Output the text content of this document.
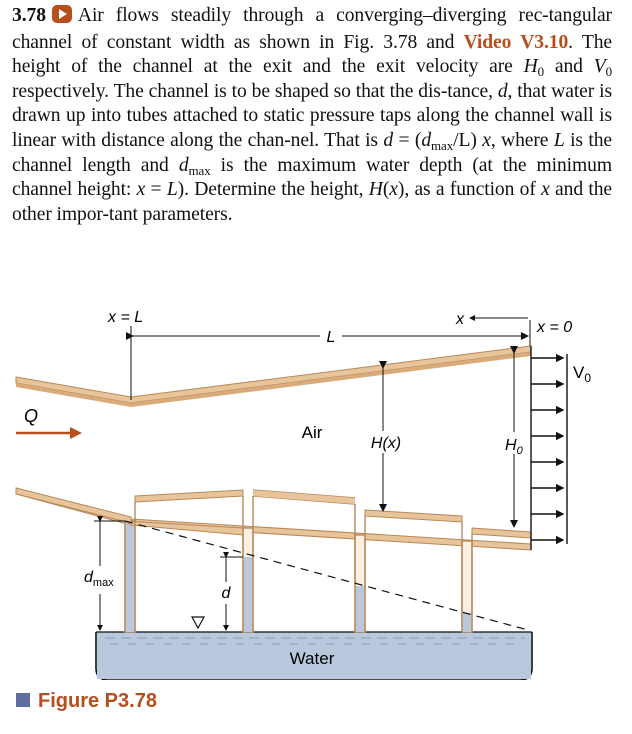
3.78 Air flows steadily through a converging–diverging rec-tangular channel of constant width as shown in Fig. 3.78 and Video V3.10. The height of the channel at the exit and the exit velocity are $H_0$ and $V_0$ respectively. The channel is to be shaped so that the dis-tance, d, that water is drawn up into tubes attached to static pressure taps along the channel wall is linear with distance along the chan-nel. That is $d = (d_{max}/L)$ x, where L is the channel length and $d_{max}$ is the maximum water depth (at the minimum channel height: x = L). Determine the height, H(x), as a function of x and the other impor-tant parameters.
L
x
x = L
x = 0
$V_0$
Q
Air
H(x)	$H_0$
$d_{max}$
d
Water
Figure P3.78
